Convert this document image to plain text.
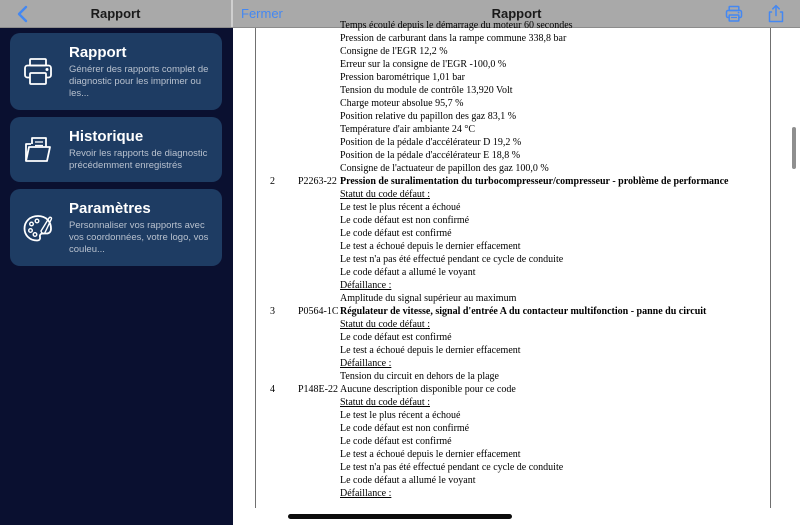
Rapport	Fermer	Rapport
Rapport
Générer des rapports complet de diagnostic pour les imprimer ou les...
Historique
Revoir les rapports de diagnostic précédemment enregistrés
Paramètres
Personnaliser vos rapports avec vos coordonnées, votre logo, vos couleu...
Temps écoulé depuis le démarrage du moteur 60 secondes
Pression de carburant dans la rampe commune 338,8 bar
Consigne de l'EGR 12,2 %
Erreur sur la consigne de l'EGR -100,0 %
Pression barométrique 1,01 bar
Tension du module de contrôle 13,920 Volt
Charge moteur absolue 95,7 %
Position relative du papillon des gaz 83,1 %
Température d'air ambiante 24 °C
Position de la pédale d'accélérateur D 19,2 %
Position de la pédale d'accélérateur E 18,8 %
Consigne de l'actuateur de papillon des gaz 100,0 %
2 P2263-22 Pression de suralimentation du turbocompresseur/compresseur - problème de performance
Statut du code défaut :
Le test le plus récent a échoué
Le code défaut est non confirmé
Le code défaut est confirmé
Le test a échoué depuis le dernier effacement
Le test n'a pas été effectué pendant ce cycle de conduite
Le code défaut a allumé le voyant
Défaillance :
Amplitude du signal supérieur au maximum
3 P0564-1C Régulateur de vitesse, signal d'entrée A du contacteur multifonction - panne du circuit
Statut du code défaut :
Le code défaut est confirmé
Le test a échoué depuis le dernier effacement
Défaillance :
Tension du circuit en dehors de la plage
4 P148E-22 Aucune description disponible pour ce code
Statut du code défaut :
Le test le plus récent a échoué
Le code défaut est non confirmé
Le code défaut est confirmé
Le test a échoué depuis le dernier effacement
Le test n'a pas été effectué pendant ce cycle de conduite
Le code défaut a allumé le voyant
Défaillance :
